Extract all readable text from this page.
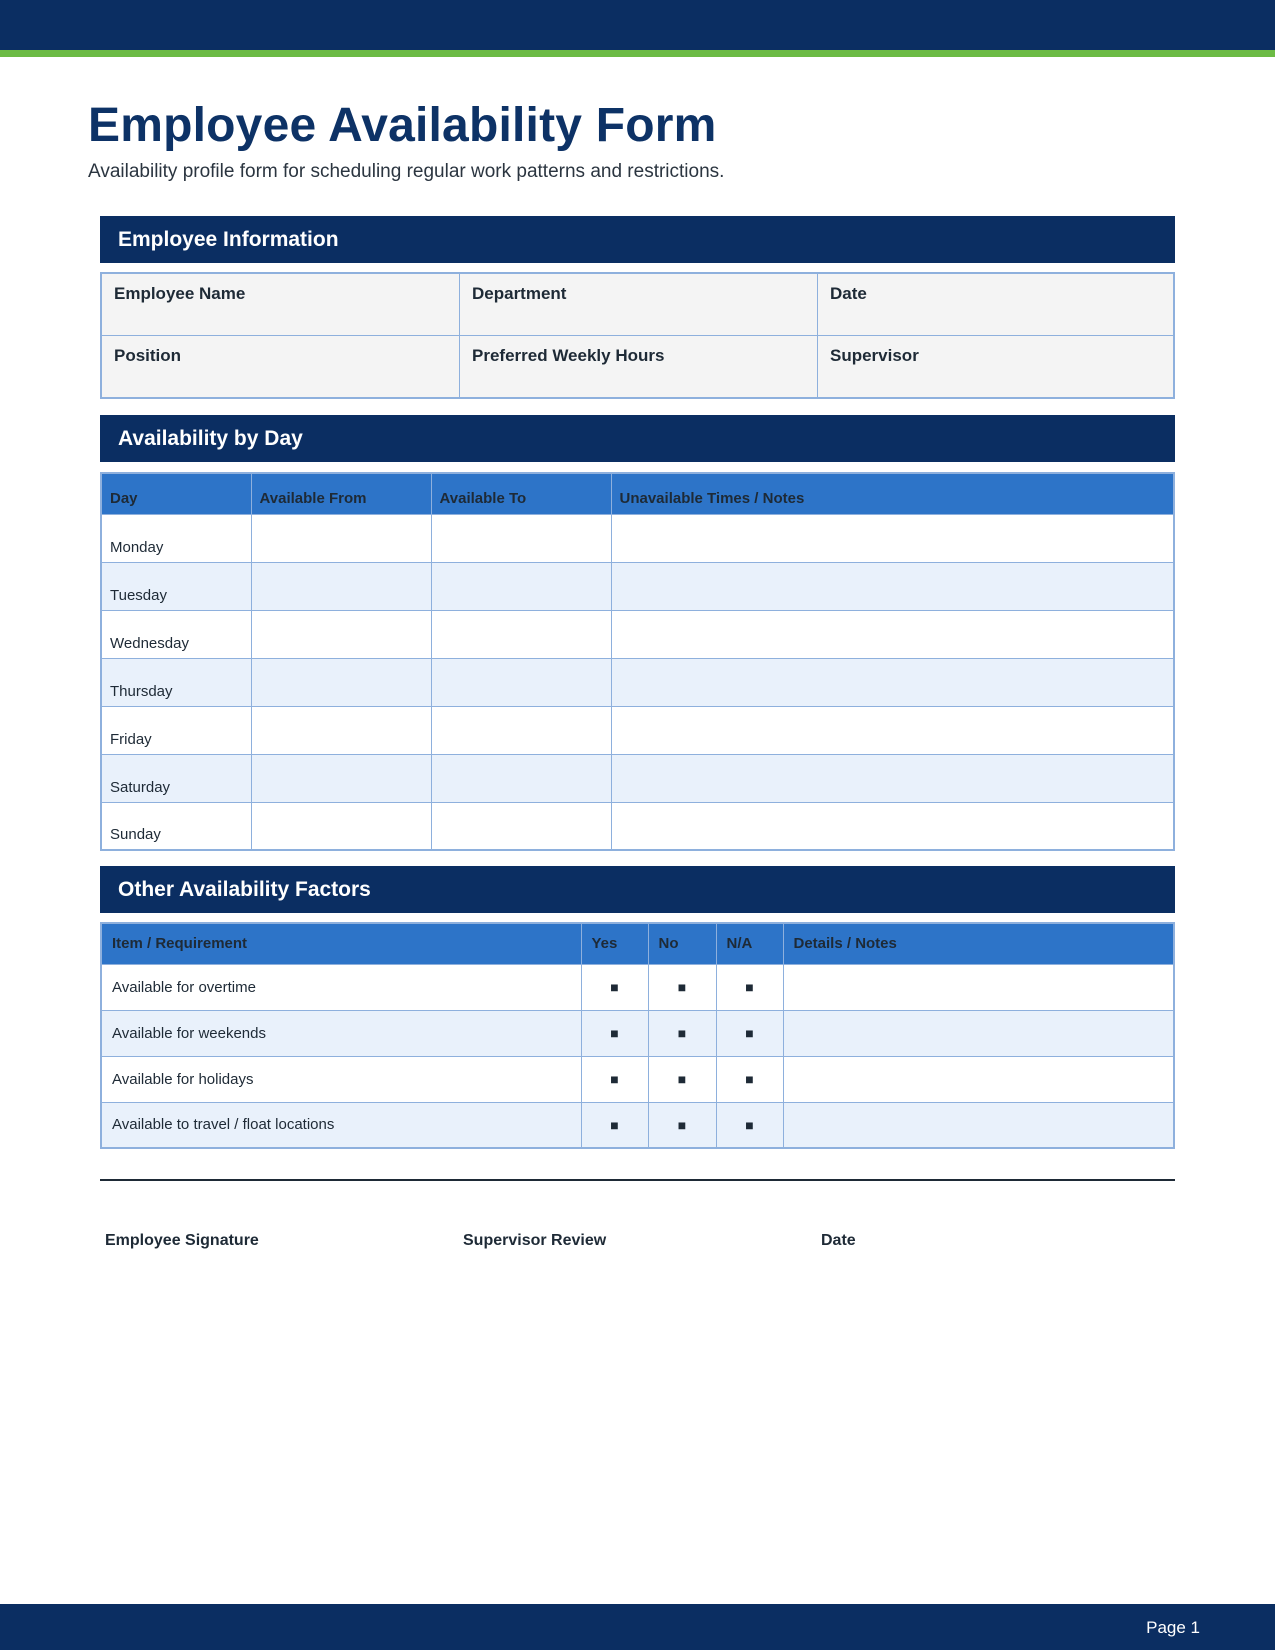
Employee Availability Form

Availability profile form for scheduling regular work patterns and restrictions.

Employee Information
Employee Name	Department	Date
Position	Preferred Weekly Hours	Supervisor
Availability by Day
Day	Available From	Available To	Unavailable Times / Notes
Monday			
Tuesday			
Wednesday			
Thursday			
Friday			
Saturday			
Sunday			
Other Availability Factors
Item / Requirement	Yes	No	N/A	Details / Notes
Available for overtime	■	■	■	
Available for weekends	■	■	■	
Available for holidays	■	■	■	
Available to travel / float locations	■	■	■	
Employee Signature	Supervisor Review	Date
Page 1
